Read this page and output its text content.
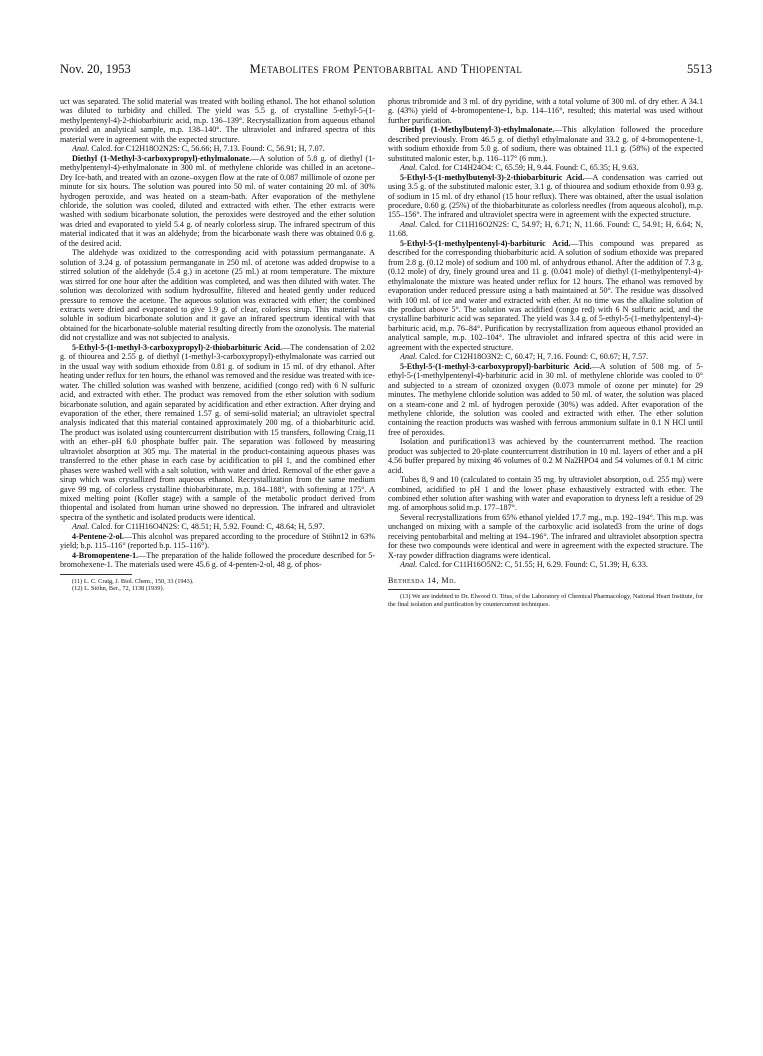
Nov. 20, 1953	Metabolites from Pentobarbital and Thiopental	5513

uct was separated. The solid material was treated with boiling ethanol. The hot ethanol solution was diluted to turbidity and chilled. The yield was 5.5 g. of crystalline 5-ethyl-5-(1-methylpentenyl-4)-2-thiobarbituric acid, m.p. 136–139°. Recrystallization from aqueous ethanol provided an analytical sample, m.p. 138–140°. The ultraviolet and infrared spectra of this material were in agreement with the expected structure.

Anal. Calcd. for C12H18O2N2S: C, 56.66; H, 7.13. Found: C, 56.91; H, 7.07.

Diethyl (1-Methyl-3-carboxypropyl)-ethylmalonate.—A solution of 5.8 g. of diethyl (1-methylpentenyl-4)-ethylmalonate in 300 ml. of methylene chloride was chilled in an acetone–Dry Ice-bath, and treated with an ozone–oxygen flow at the rate of 0.087 millimole of ozone per minute for six hours. The solution was poured into 50 ml. of water containing 20 ml. of 30% hydrogen peroxide, and was heated on a steam-bath. After evaporation of the methylene chloride, the solution was cooled, diluted and extracted with ether. The ether extracts were washed with sodium bicarbonate solution, the peroxides were destroyed and the ether solution was dried and evaporated to yield 5.4 g. of nearly colorless sirup. The infrared spectrum of this material indicated that it was an aldehyde; from the bicarbonate wash there was obtained 0.6 g. of the desired acid.

The aldehyde was oxidized to the corresponding acid with potassium permanganate. A solution of 3.24 g. of potassium permanganate in 250 ml. of acetone was added dropwise to a stirred solution of the aldehyde (5.4 g.) in acetone (25 ml.) at room temperature. The mixture was stirred for one hour after the addition was completed, and was then diluted with water. The solution was decolorized with sodium hydrosulfite, filtered and heated gently under reduced pressure to remove the acetone. The aqueous solution was extracted with ether; the combined extracts were dried and evaporated to give 1.9 g. of clear, colorless sirup. This material was soluble in sodium bicarbonate solution and it gave an infrared spectrum identical with that obtained for the bicarbonate-soluble material resulting directly from the ozonolysis. The material did not crystallize and was not subjected to analysis.

5-Ethyl-5-(1-methyl-3-carboxypropyl)-2-thiobarbituric Acid.—The condensation of 2.02 g. of thiourea and 2.55 g. of diethyl (1-methyl-3-carboxypropyl)-ethylmalonate was carried out in the usual way with sodium ethoxide from 0.81 g. of sodium in 15 ml. of dry ethanol. After heating under reflux for ten hours, the ethanol was removed and the residue was treated with ice-water. The chilled solution was washed with benzene, acidified (congo red) with 6 N sulfuric acid, and extracted with ether. The product was removed from the ether solution with sodium bicarbonate solution, and again separated by acidification and ether extraction. After drying and evaporation of the ether, there remained 1.57 g. of semi-solid material; an ultraviolet spectral analysis indicated that this material contained approximately 200 mg. of a thiobarbituric acid. The product was isolated using countercurrent distribution with 15 transfers, following Craig,11 with an ether–pH 6.0 phosphate buffer pair. The separation was followed by measuring ultraviolet absorption at 305 mμ. The material in the product-containing aqueous phases was transferred to the ether phase in each case by acidification to pH 1, and the combined ether phases were washed well with a salt solution, with water and dried. Removal of the ether gave a sirup which was crystallized from aqueous ethanol. Recrystallization from the same medium gave 99 mg. of colorless crystalline thiobarbiturate, m.p. 184–188°, with softening at 175°. A mixed melting point (Kofler stage) with a sample of the metabolic product derived from thiopental and isolated from human urine showed no depression. The infrared and ultraviolet spectra of the synthetic and isolated products were identical.

Anal. Calcd. for C11H16O4N2S: C, 48.51; H, 5.92. Found: C, 48.64; H, 5.97.

4-Pentene-2-ol.—This alcohol was prepared according to the procedure of Stöhn12 in 63% yield; b.p. 115–116° (reported b.p. 115–116°).

4-Bromopentene-1.—The preparation of the halide followed the procedure described for 5-bromohexene-1. The materials used were 45.6 g. of 4-penten-2-ol, 48 g. of phos-

(11) L. C. Craig, J. Biol. Chem., 150, 33 (1943).

(12) L. Stöhn, Ber., 72, 1138 (1939).

phorus tribromide and 3 ml. of dry pyridine, with a total volume of 300 ml. of dry ether. A 34.1 g. (43%) yield of 4-bromopentene-1, b.p. 114–116°, resulted; this material was used without further purification.

Diethyl (1-Methylbutenyl-3)-ethylmalonate.—This alkylation followed the procedure described previously. From 46.5 g. of diethyl ethylmalonate and 33.2 g. of 4-bromopentene-1, with sodium ethoxide from 5.0 g. of sodium, there was obtained 11.1 g. (58%) of the expected substituted malonic ester, b.p. 116–117° (6 mm.).

Anal. Calcd. for C14H24O4: C, 65.59; H, 9.44. Found: C, 65.35; H, 9.63.

5-Ethyl-5-(1-methylbutenyl-3)-2-thiobarbituric Acid.—A condensation was carried out using 3.5 g. of the substituted malonic ester, 3.1 g. of thiourea and sodium ethoxide from 0.93 g. of sodium in 15 ml. of dry ethanol (15 hour reflux). There was obtained, after the usual isolation procedure, 0.60 g. (25%) of the thiobarbiturate as colorless needles (from aqueous alcohol), m.p. 155–156°. The infrared and ultraviolet spectra were in agreement with the expected structure.

Anal. Calcd. for C11H16O2N2S: C, 54.97; H, 6.71; N, 11.66. Found: C, 54.91; H, 6.64; N, 11.68.

5-Ethyl-5-(1-methylpentenyl-4)-barbituric Acid.—This compound was prepared as described for the corresponding thiobarbituric acid. A solution of sodium ethoxide was prepared from 2.8 g. (0.12 mole) of sodium and 100 ml. of anhydrous ethanol. After the addition of 7.3 g. (0.12 mole) of dry, finely ground urea and 11 g. (0.041 mole) of diethyl (1-methylpentenyl-4)-ethylmalonate the mixture was heated under reflux for 12 hours. The ethanol was removed by evaporation under reduced pressure using a bath maintained at 50°. The residue was dissolved with 100 ml. of ice and water and extracted with ether. At no time was the alkaline solution of the product above 5°. The solution was acidified (congo red) with 6 N sulfuric acid, and the crystalline barbituric acid was separated. The yield was 3.4 g. of 5-ethyl-5-(1-methylpentenyl-4)-barbituric acid, m.p. 76–84°. Purification by recrystallization from aqueous ethanol provided an analytical sample, m.p. 102–104°. The ultraviolet and infrared spectra of this acid were in agreement with the expected structure.

Anal. Calcd. for C12H18O3N2: C, 60.47; H, 7.16. Found: C, 60.67; H, 7.57.

5-Ethyl-5-(1-methyl-3-carboxypropyl)-barbituric Acid.—A solution of 508 mg. of 5-ethyl-5-(1-methylpentenyl-4)-barbituric acid in 30 ml. of methylene chloride was cooled to 0° and subjected to a stream of ozonized oxygen (0.073 mmole of ozone per minute) for 29 minutes. The methylene chloride solution was added to 50 ml. of water, the solution was placed on a steam-cone and 2 ml. of hydrogen peroxide (30%) was added. After evaporation of the methylene chloride, the solution was cooled and extracted with ether. The ether solution containing the reaction products was washed with ferrous ammonium sulfate in 0.1 N HCl until free of peroxides.

Isolation and purification13 was achieved by the countercurrent method. The reaction product was subjected to 20-plate countercurrent distribution in 10 ml. layers of ether and a pH 4.56 buffer prepared by mixing 46 volumes of 0.2 M Na2HPO4 and 54 volumes of 0.1 M citric acid.

Tubes 8, 9 and 10 (calculated to contain 35 mg. by ultraviolet absorption, o.d. 255 mμ) were combined, acidified to pH 1 and the lower phase exhaustively extracted with ether. The combined ether solution after washing with water and evaporation to dryness left a residue of 29 mg. of amorphous solid m.p. 177–187°.

Several recrystallizations from 65% ethanol yielded 17.7 mg., m.p. 192–194°. This m.p. was unchanged on mixing with a sample of the carboxylic acid isolated3 from the urine of dogs receiving pentobarbital and melting at 194–196°. The infrared and ultraviolet absorption spectra for these two compounds were identical and were in agreement with the expected structure. The X-ray powder diffraction diagrams were identical.

Anal. Calcd. for C11H16O5N2: C, 51.55; H, 6.29. Found: C, 51.39; H, 6.33.

Bethesda 14, Md.

(13) We are indebted to Dr. Elwood O. Titus, of the Laboratory of Chemical Pharmacology, National Heart Institute, for the final isolation and purification by countercurrent techniques.
